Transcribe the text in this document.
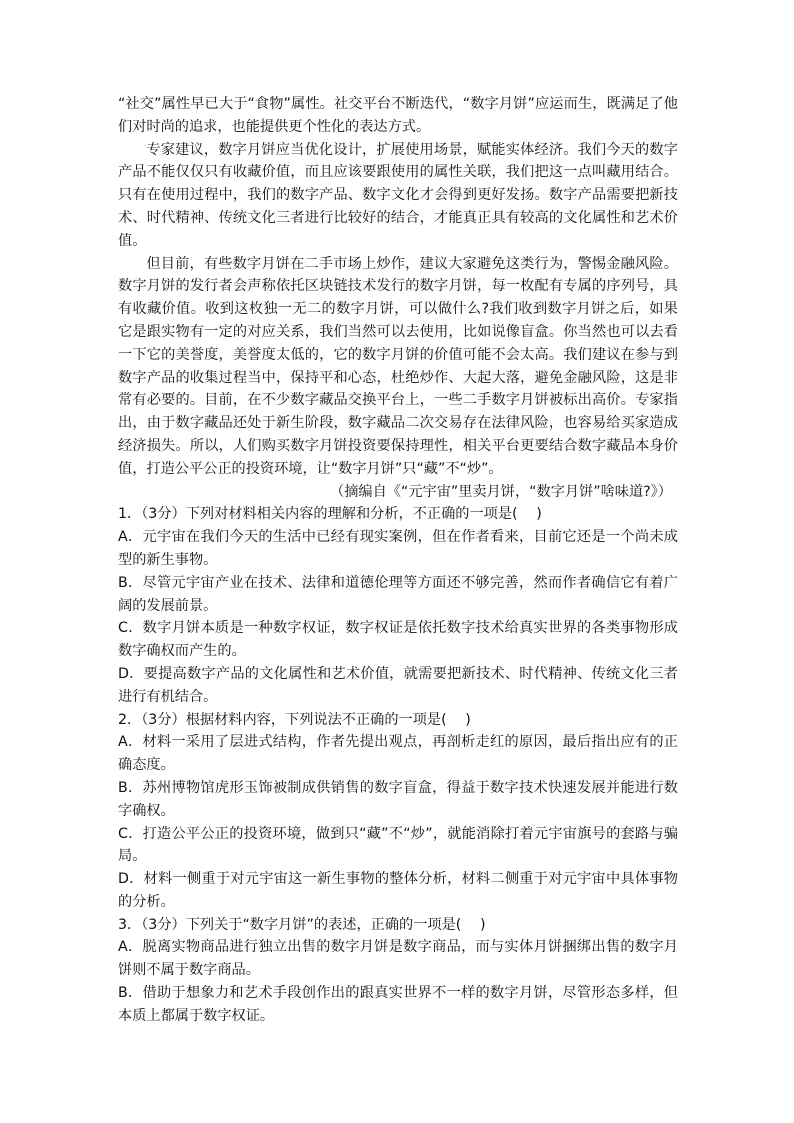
“社交”属性早已大于“食物”属性。社交平台不断迭代，“数字月饼”应运而生，既满足了他们对时尚的追求，也能提供更个性化的表达方式。

专家建议，数字月饼应当优化设计，扩展使用场景，赋能实体经济。我们今天的数字产品不能仅仅只有收藏价值，而且应该要跟使用的属性关联，我们把这一点叫藏用结合。只有在使用过程中，我们的数字产品、数字文化才会得到更好发扬。数字产品需要把新技术、时代精神、传统文化三者进行比较好的结合，才能真正具有较高的文化属性和艺术价值。

但目前，有些数字月饼在二手市场上炒作，建议大家避免这类行为，警惕金融风险。数字月饼的发行者会声称依托区块链技术发行的数字月饼，每一枚配有专属的序列号，具有收藏价值。收到这枚独一无二的数字月饼，可以做什么?我们收到数字月饼之后，如果它是跟实物有一定的对应关系，我们当然可以去使用，比如说像盲盒。你当然也可以去看一下它的美誉度，美誉度太低的，它的数字月饼的价值可能不会太高。我们建议在参与到数字产品的收集过程当中，保持平和心态，杜绝炒作、大起大落，避免金融风险，这是非常有必要的。目前，在不少数字藏品交换平台上，一些二手数字月饼被标出高价。专家指出，由于数字藏品还处于新生阶段，数字藏品二次交易存在法律风险，也容易给买家造成经济损失。所以，人们购买数字月饼投资要保持理性，相关平台更要结合数字藏品本身价值，打造公平公正的投资环境，让“数字月饼”只“藏”不“炒”。

（摘编自《“元宇宙”里卖月饼，“数字月饼”啥味道?》）

1．（3分）下列对材料相关内容的理解和分析，不正确的一项是(　 )

A．元宇宙在我们今天的生活中已经有现实案例，但在作者看来，目前它还是一个尚未成型的新生事物。

B．尽管元宇宙产业在技术、法律和道德伦理等方面还不够完善，然而作者确信它有着广阔的发展前景。

C．数字月饼本质是一种数字权证，数字权证是依托数字技术给真实世界的各类事物形成数字确权而产生的。

D．要提高数字产品的文化属性和艺术价值，就需要把新技术、时代精神、传统文化三者进行有机结合。

2．（3分）根据材料内容，下列说法不正确的一项是(　 )

A．材料一采用了层进式结构，作者先提出观点，再剖析走红的原因，最后指出应有的正确态度。

B．苏州博物馆虎形玉饰被制成供销售的数字盲盒，得益于数字技术快速发展并能进行数字确权。

C．打造公平公正的投资环境，做到只“藏”不“炒”，就能消除打着元宇宙旗号的套路与骗局。

D．材料一侧重于对元宇宙这一新生事物的整体分析，材料二侧重于对元宇宙中具体事物的分析。

3．（3分）下列关于“数字月饼”的表述，正确的一项是(　 )

A．脱离实物商品进行独立出售的数字月饼是数字商品，而与实体月饼捆绑出售的数字月饼则不属于数字商品。

B．借助于想象力和艺术手段创作出的跟真实世界不一样的数字月饼，尽管形态多样，但本质上都属于数字权证。
